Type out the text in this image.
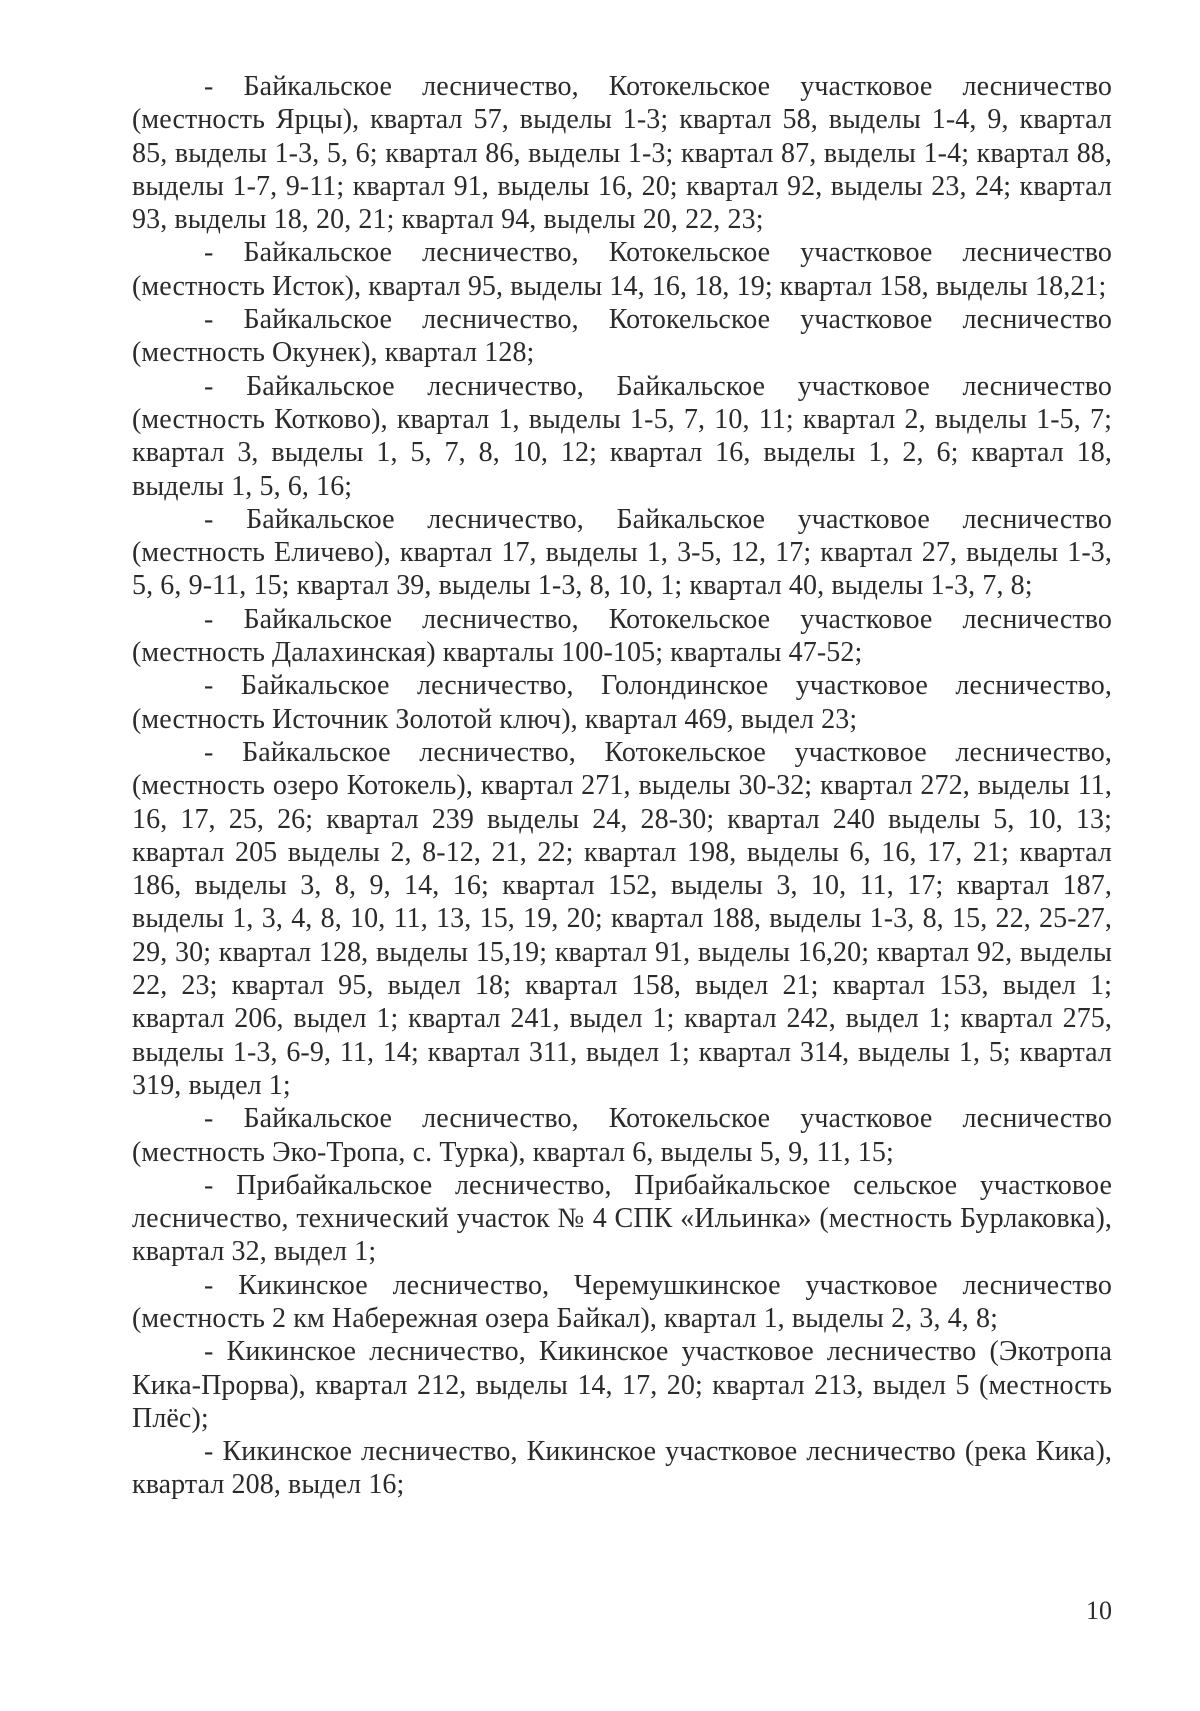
- Байкальское лесничество, Котокельское участковое лесничество (местность Ярцы), квартал 57, выделы 1-3; квартал 58, выделы 1-4, 9, квартал 85, выделы 1-3, 5, 6; квартал 86, выделы 1-3; квартал 87, выделы 1-4; квартал 88, выделы 1-7, 9-11; квартал 91, выделы 16, 20; квартал 92, выделы 23, 24; квартал 93, выделы 18, 20, 21; квартал 94, выделы 20, 22, 23;

- Байкальское лесничество, Котокельское участковое лесничество (местность Исток), квартал 95, выделы 14, 16, 18, 19; квартал 158, выделы 18,21;

- Байкальское лесничество, Котокельское участковое лесничество (местность Окунек), квартал 128;

- Байкальское лесничество, Байкальское участковое лесничество (местность Котково), квартал 1, выделы 1-5, 7, 10, 11; квартал 2, выделы 1-5, 7; квартал 3, выделы 1, 5, 7, 8, 10, 12; квартал 16, выделы 1, 2, 6; квартал 18, выделы 1, 5, 6, 16;

- Байкальское лесничество, Байкальское участковое лесничество (местность Еличево), квартал 17, выделы 1, 3-5, 12, 17; квартал 27, выделы 1-3, 5, 6, 9-11, 15; квартал 39, выделы 1-3, 8, 10, 1; квартал 40, выделы 1-3, 7, 8;

- Байкальское лесничество, Котокельское участковое лесничество (местность Далахинская) кварталы 100-105; кварталы 47-52;

- Байкальское лесничество, Голондинское участковое лесничество, (местность Источник Золотой ключ), квартал 469, выдел 23;

- Байкальское лесничество, Котокельское участковое лесничество, (местность озеро Котокель), квартал 271, выделы 30-32; квартал 272, выделы 11, 16, 17, 25, 26; квартал 239 выделы 24, 28-30; квартал 240 выделы 5, 10, 13; квартал 205 выделы 2, 8-12, 21, 22; квартал 198, выделы 6, 16, 17, 21; квартал 186, выделы 3, 8, 9, 14, 16; квартал 152, выделы 3, 10, 11, 17; квартал 187, выделы 1, 3, 4, 8, 10, 11, 13, 15, 19, 20; квартал 188, выделы 1-3, 8, 15, 22, 25-27, 29, 30; квартал 128, выделы 15,19; квартал 91, выделы 16,20; квартал 92, выделы 22, 23; квартал 95, выдел 18; квартал 158, выдел 21; квартал 153, выдел 1; квартал 206, выдел 1; квартал 241, выдел 1; квартал 242, выдел 1; квартал 275, выделы 1-3, 6-9, 11, 14; квартал 311, выдел 1; квартал 314, выделы 1, 5; квартал 319, выдел 1;

- Байкальское лесничество, Котокельское участковое лесничество (местность Эко-Тропа, с. Турка), квартал 6, выделы 5, 9, 11, 15;

- Прибайкальское лесничество, Прибайкальское сельское участковое лесничество, технический участок № 4 СПК «Ильинка» (местность Бурлаковка), квартал 32, выдел 1;

- Кикинское лесничество, Черемушкинское участковое лесничество (местность 2 км Набережная озера Байкал), квартал 1, выделы 2, 3, 4, 8;

- Кикинское лесничество, Кикинское участковое лесничество (Экотропа Кика-Прорва), квартал 212, выделы 14, 17, 20; квартал 213, выдел 5 (местность Плёс);

- Кикинское лесничество, Кикинское участковое лесничество (река Кика), квартал 208, выдел 16;

10
